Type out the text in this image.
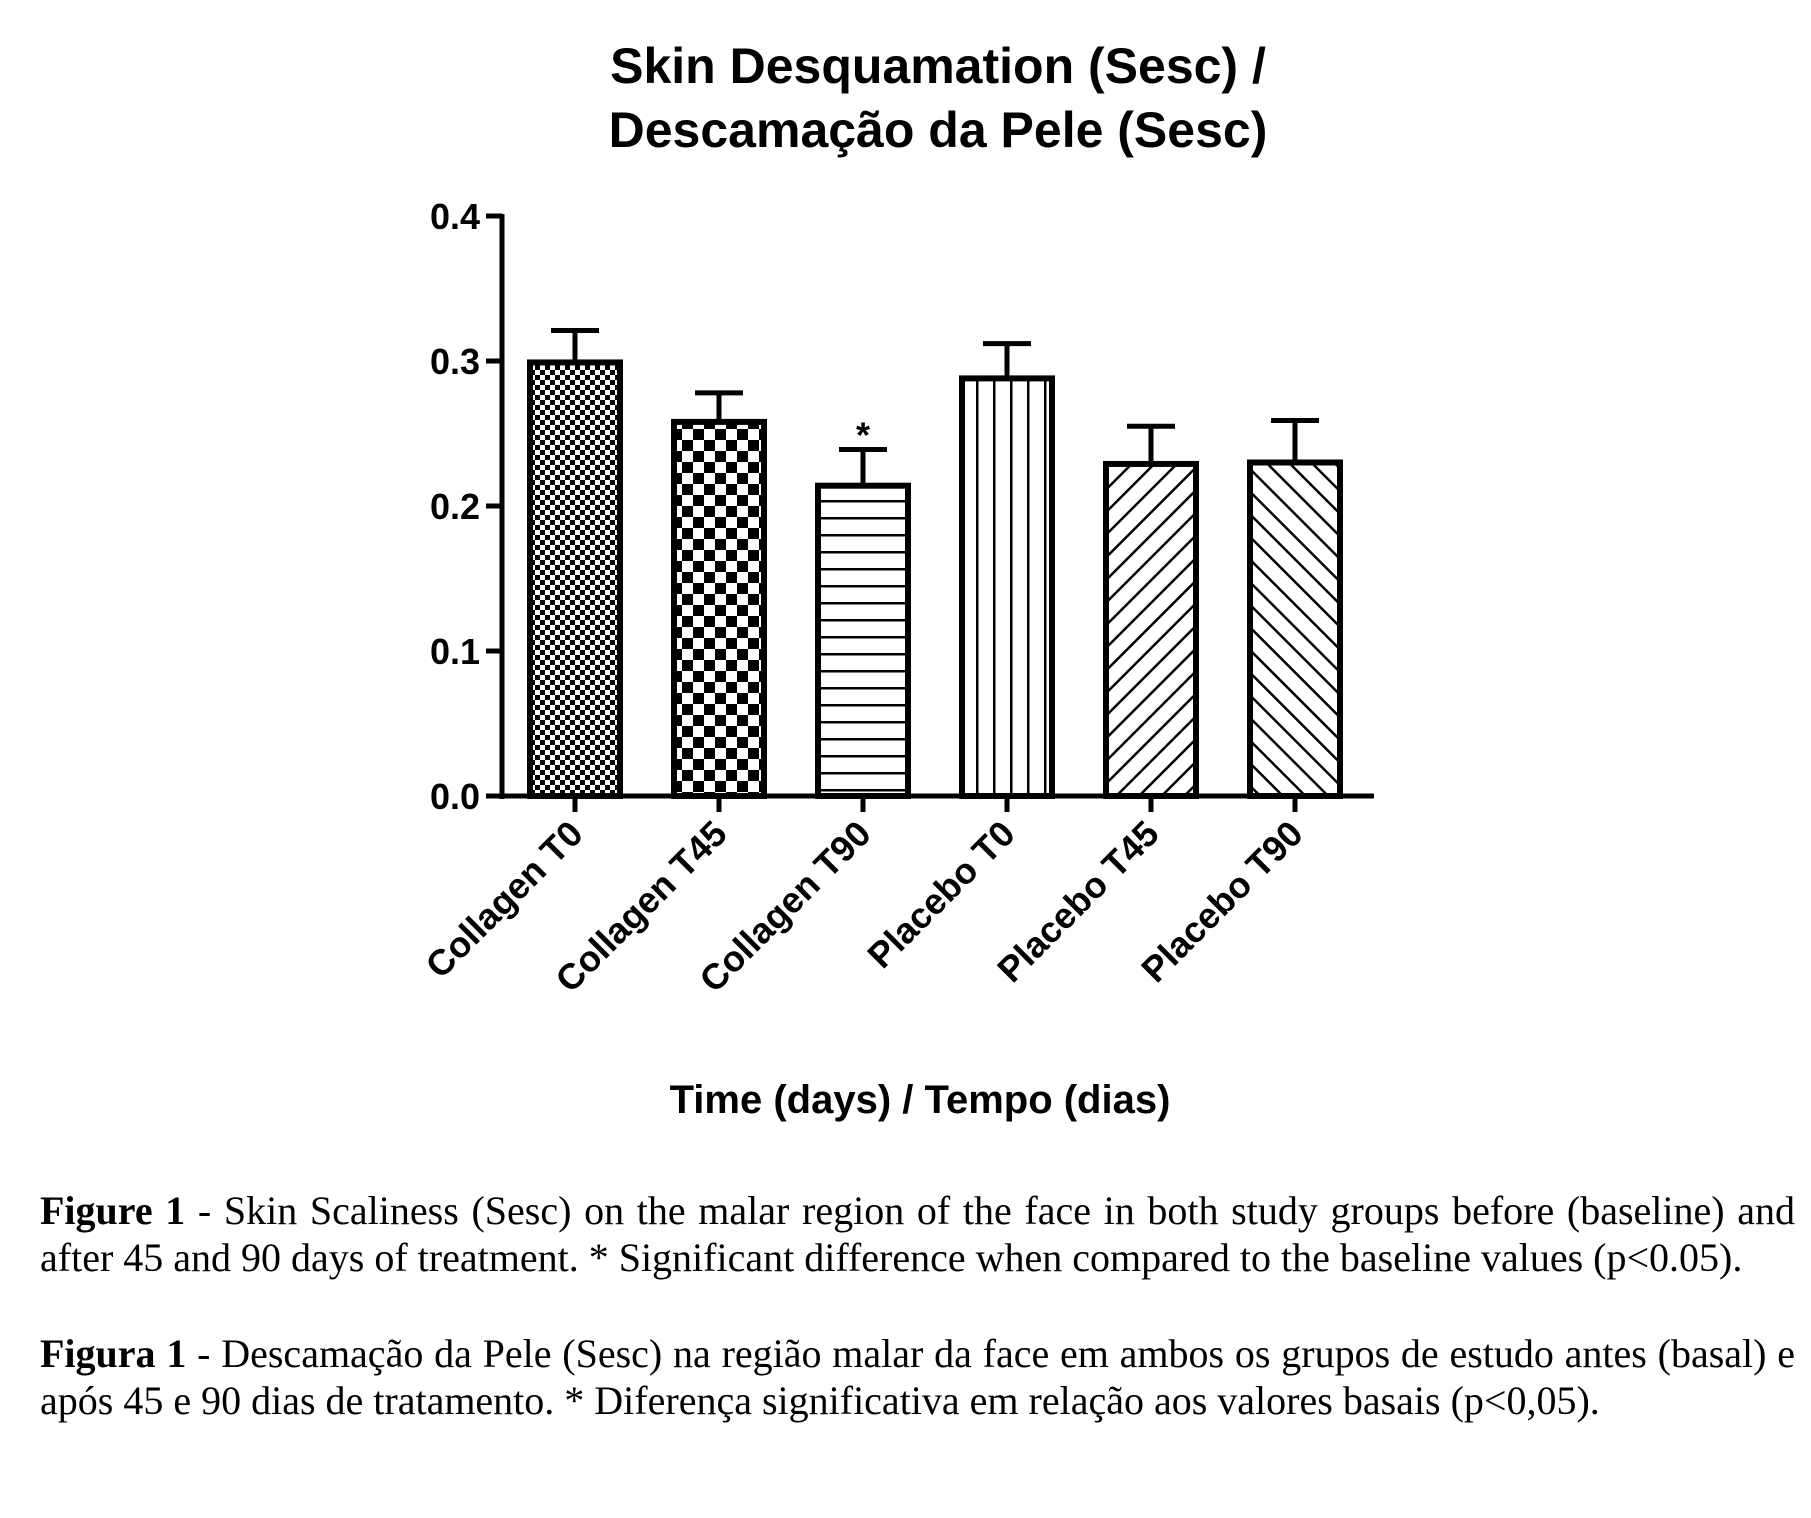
Skin Desquamation (Sesc) /
Descamação da Pele (Sesc)
0.0
0.1
0.2
0.3
0.4
Collagen T0
Collagen T45
Collagen T90
Placebo T0
Placebo T45
Placebo T90
*
Time (days) / Tempo (dias)

Figure 1 - Skin Scaliness (Sesc) on the malar region of the face in both study groups before (baseline) and after 45 and 90 days of treatment. * Significant difference when compared to the baseline values (p<0.05).

Figura 1 - Descamação da Pele (Sesc) na região malar da face em ambos os grupos de estudo antes (basal) e após 45 e 90 dias de tratamento. * Diferença significativa em relação aos valores basais (p<0,05).
